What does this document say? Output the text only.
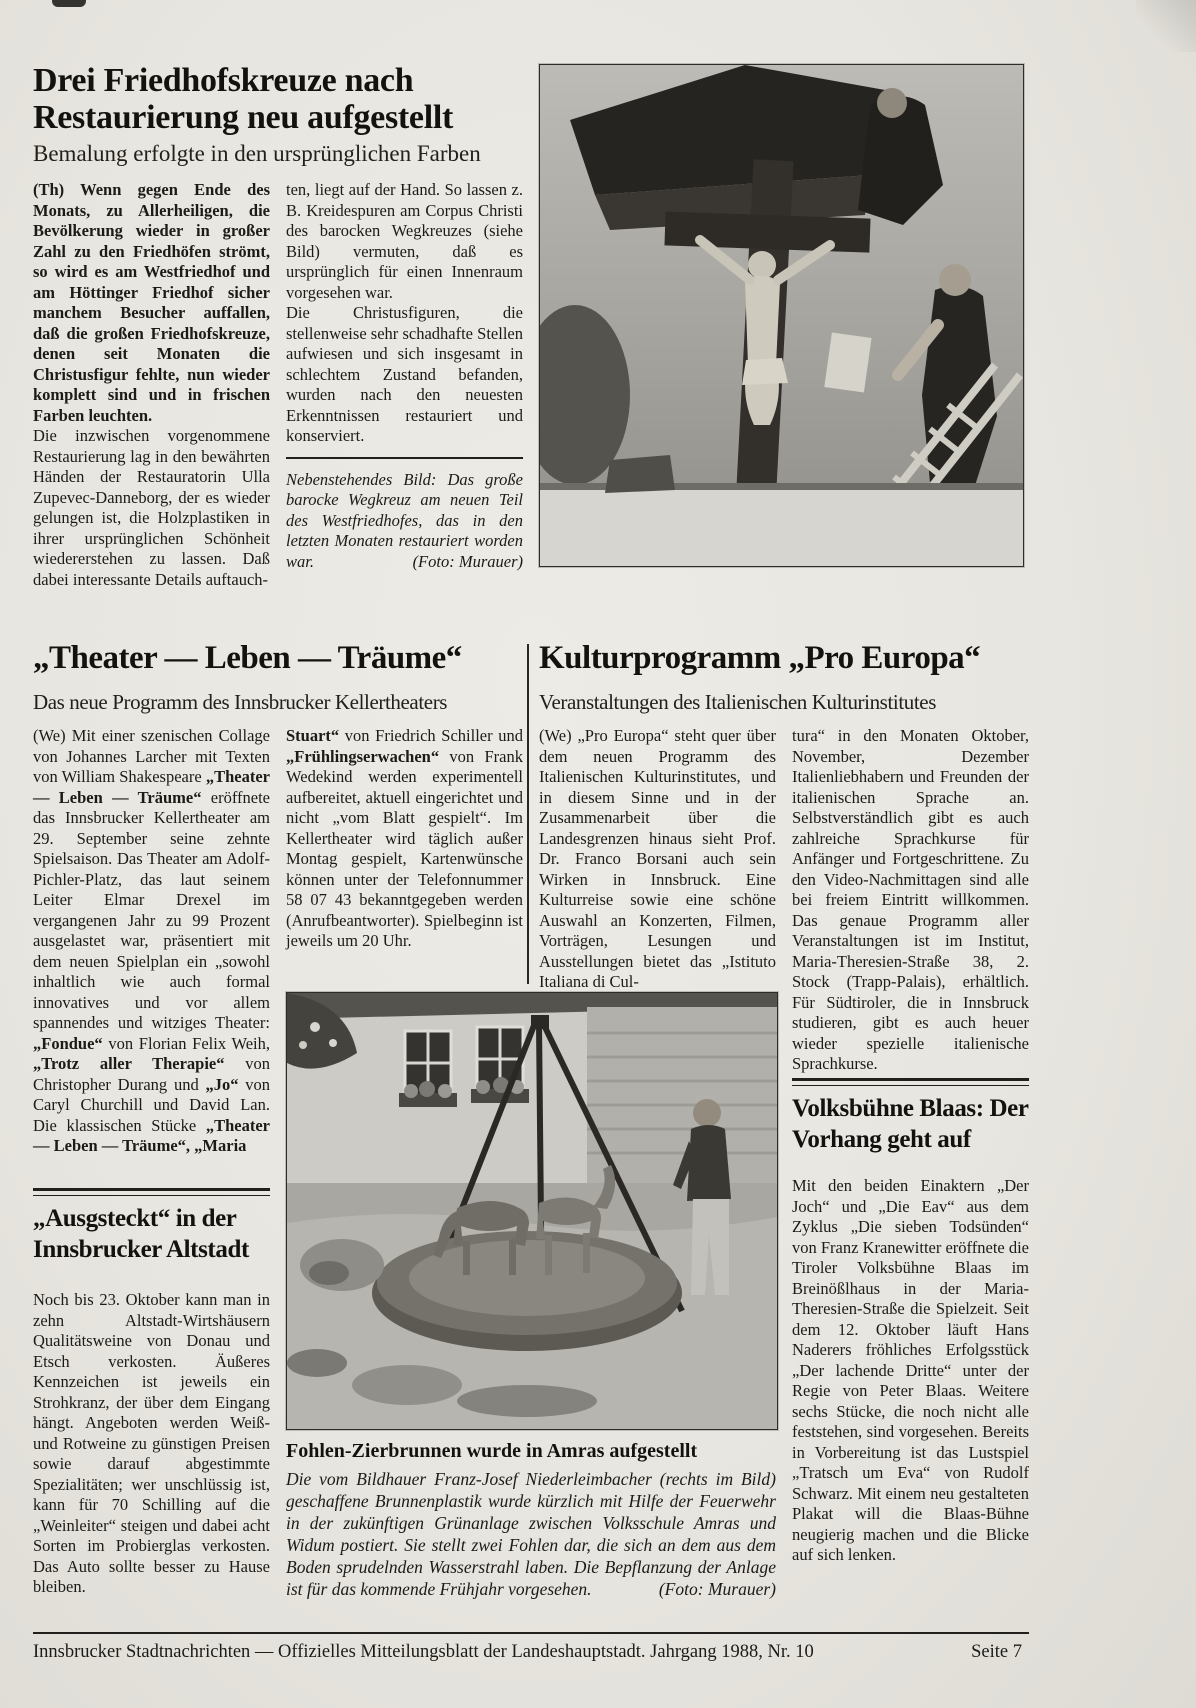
Drei Friedhofskreuze nach Restaurierung neu aufgestellt
Bemalung erfolgte in den ursprünglichen Farben

(Th) Wenn gegen Ende des Monats, zu Allerheiligen, die Bevölkerung wieder in großer Zahl zu den Friedhöfen strömt, so wird es am Westfriedhof und am Höttinger Friedhof sicher manchem Besucher auffallen, daß die großen Friedhofskreuze, denen seit Monaten die Christusfigur fehlte, nun wieder komplett sind und in frischen Farben leuchten.

Die inzwischen vorgenommene Restaurierung lag in den bewährten Händen der Restauratorin Ulla Zupevec-Danneborg, der es wieder gelungen ist, die Holzplastiken in ihrer ursprünglichen Schönheit wiedererstehen zu lassen. Daß dabei interessante Details auftauch-

ten, liegt auf der Hand. So lassen z. B. Kreidespuren am Corpus Christi des barocken Wegkreuzes (siehe Bild) vermuten, daß es ursprünglich für einen Innenraum vorgesehen war.

Die Christusfiguren, die stellenweise sehr schadhafte Stellen aufwiesen und sich insgesamt in schlechtem Zustand befanden, wurden nach den neuesten Erkenntnissen restauriert und konserviert.

Nebenstehendes Bild: Das große barocke Wegkreuz am neuen Teil des Westfriedhofes, das in den letzten Monaten restauriert worden war.	(Foto: Murauer)

„Theater — Leben — Träume“
Das neue Programm des Innsbrucker Kellertheaters

(We) Mit einer szenischen Collage von Johannes Larcher mit Texten von William Shakespeare „Theater — Leben — Träume“ eröffnete das Innsbrucker Kellertheater am 29. September seine zehnte Spielsaison. Das Theater am Adolf-Pichler-Platz, das laut seinem Leiter Elmar Drexel im vergangenen Jahr zu 99 Prozent ausgelastet war, präsentiert mit dem neuen Spielplan ein „sowohl inhaltlich wie auch formal innovatives und vor allem spannendes und witziges Theater: „Fondue“ von Florian Felix Weih, „Trotz aller Therapie“ von Christopher Durang und „Jo“ von Caryl Churchill und David Lan. Die klassischen Stücke „Theater — Leben — Träume“, „Maria

Stuart“ von Friedrich Schiller und „Frühlingserwachen“ von Frank Wedekind werden experimentell aufbereitet, aktuell eingerichtet und nicht „vom Blatt gespielt“. Im Kellertheater wird täglich außer Montag gespielt, Kartenwünsche können unter der Telefonnummer 58 07 43 bekanntgegeben werden (Anrufbeantworter). Spielbeginn ist jeweils um 20 Uhr.

Kulturprogramm „Pro Europa“
Veranstaltungen des Italienischen Kulturinstitutes

(We) „Pro Europa“ steht quer über dem neuen Programm des Italienischen Kulturinstitutes, und in diesem Sinne und in der Zusammenarbeit über die Landesgrenzen hinaus sieht Prof. Dr. Franco Borsani auch sein Wirken in Innsbruck. Eine Kulturreise sowie eine schöne Auswahl an Konzerten, Filmen, Vorträgen, Lesungen und Ausstellungen bietet das „Istituto Italiana di Cul-

tura“ in den Monaten Oktober, November, Dezember Italienliebhabern und Freunden der italienischen Sprache an. Selbstverständlich gibt es auch zahlreiche Sprachkurse für Anfänger und Fortgeschrittene. Zu den Video-Nachmittagen sind alle bei freiem Eintritt willkommen. Das genaue Programm aller Veranstaltungen ist im Institut, Maria-Theresien-Straße 38, 2. Stock (Trapp-Palais), erhältlich. Für Südtiroler, die in Innsbruck studieren, gibt es auch heuer wieder spezielle italienische Sprachkurse.

Fohlen-Zierbrunnen wurde in Amras aufgestellt
Die vom Bildhauer Franz-Josef Niederleimbacher (rechts im Bild) geschaffene Brunnenplastik wurde kürzlich mit Hilfe der Feuerwehr in der zukünftigen Grünanlage zwischen Volksschule Amras und Widum postiert. Sie stellt zwei Fohlen dar, die sich an dem aus dem Boden sprudelnden Wasserstrahl laben. Die Bepflanzung der Anlage ist für das kommende Frühjahr vorgesehen.	(Foto: Murauer)
„Ausgsteckt“ in der Innsbrucker Altstadt

Noch bis 23. Oktober kann man in zehn Altstadt-Wirtshäusern Qualitätsweine von Donau und Etsch verkosten. Äußeres Kennzeichen ist jeweils ein Strohkranz, der über dem Eingang hängt. Angeboten werden Weiß- und Rotweine zu günstigen Preisen sowie darauf abgestimmte Spezialitäten; wer unschlüssig ist, kann für 70 Schilling auf die „Weinleiter“ steigen und dabei acht Sorten im Probierglas verkosten. Das Auto sollte besser zu Hause bleiben.

Volksbühne Blaas: Der Vorhang geht auf

Mit den beiden Einaktern „Der Joch“ und „Die Eav“ aus dem Zyklus „Die sieben Todsünden“ von Franz Kranewitter eröffnete die Tiroler Volksbühne Blaas im Breinößlhaus in der Maria-Theresien-Straße die Spielzeit. Seit dem 12. Oktober läuft Hans Naderers fröhliches Erfolgsstück „Der lachende Dritte“ unter der Regie von Peter Blaas. Weitere sechs Stücke, die noch nicht alle feststehen, sind vorgesehen. Bereits in Vorbereitung ist das Lustspiel „Tratsch um Eva“ von Rudolf Schwarz. Mit einem neu gestalteten Plakat will die Blaas-Bühne neugierig machen und die Blicke auf sich lenken.

Innsbrucker Stadtnachrichten — Offizielles Mitteilungsblatt der Landeshauptstadt. Jahrgang 1988, Nr. 10	Seite 7
